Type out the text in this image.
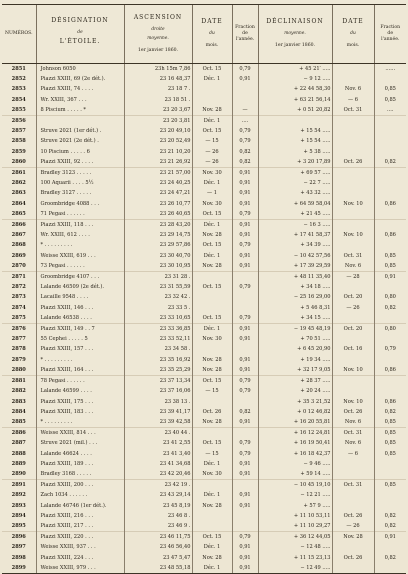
NUMÉROS.	DÉSIGNATION
de
L'ÉTOILE.	ASCENSION
droite
moyenne.
1er janvier 1860.	DATE
du
mois.	Fraction
de
l'année.	DÉCLINAISON
moyenne.
1er janvier 1860.	DATE
du
mois.	Fraction
de
l'année.
2851	Johnson 6050	23h 15m 7,86	Oct. 15	0,79	+ 45 21′ .....		......
2852	Piazzi XXIII, 69 (2e dét.).	23 16 48,37	Déc. 1	0,91	− 9 12 .....		
2853	Piazzi XXIII, 74 . . . .	23 18 7 .			+ 22 44 58,30	Nov. 6	0,85
2854	Wr. XXIII, 367 . . .	23 18 51 .			+ 63 21 56,14	— 6	0,85
2855	8 Piscium . . . . . *	23 20 3,67	Nov. 28	—	+ 0 51 20,82	Oct. 31	....
2856		23 20 3,81	Déc. 1	....			
2857	Struve 2021 (1er dét.) .	23 20 49,10	Oct. 15	0,79	+ 15 54 .....		
2858	Struve 2021 (2e dét.) .	23 20 52,49	— 15	0,79	+ 15 54 .....		
2859	10 Piscium . . . . . 6	23 21 10,20	— 26	0,82	+ 5 38 .....		
2860	Piazzi XXIII, 92 . . . .	23 21 26,92	— 26	0,82	+ 3 20 17,89	Oct. 26	0,82
2861	Bradley 3123 . . . . .	23 21 57,00	Nov. 30	0,91	+ 69 57 .....		
2862	100 Aquarii . . . . 5½	23 24 40,25	Déc. 1	0,91	− 22 7 .....		
2863	Bradley 3127 . . . . .	23 24 47,21	— 1	0,91	+ 43 32 .....		
2864	Groombridge 4088 . . .	23 26 10,77	Nov. 30	0,91	+ 64 59 58,04	Nov. 10	0,86
2865	71 Pegasi . . . . . .	23 26 40,65	Oct. 15	0,79	+ 21 45 .....		
2866	Piazzi XXIII, 118 . . .	23 28 43,20	Déc. 1	0,91	− 16 3 .....		
2867	Wr. XXIII, 612 . . . .	23 29 14,75	Nov. 28	0,91	+ 17 41 58,37	Nov. 10	0,86
2868	* . . . . . . . . .	23 29 57,86	Oct. 15	0,79	+ 34 39 .....		
2869	Weisse XXIII, 619 . . .	23 30 40,70	Déc. 1	0,91	− 10 42 57,56	Oct. 31	0,85
2870	73 Pegasi . . . . . .	23 30 10,95	Nov. 28	0,91	+ 17 39 29,59	Nov. 6	0,85
2871	Groombridge 4107 . . .	23 31 28 .			+ 48 11 35,40	— 28	0,91
2872	Lalande 46509 (2e dét.).	23 31 55,59	Oct. 15	0,79	+ 34 18 .....		
2873	Lacaille 9548 . . . .	23 32 42 .			− 25 16 29,00	Oct. 20	0,80
2874	Piazzi XXIII, 146 . . .	23 33 5 .			+ 5 46 8,31	— 26	0,82
2875	Lalande 46538 . . . .	23 33 10,65	Oct. 15	0,79	+ 34 15 .....		
2876	Piazzi XXIII, 149 . . 7	23 33 36,85	Déc. 1	0,91	− 19 45 48,19	Oct. 20	0,80
2877	55 Cephei . . . . . 5	23 33 52,11	Nov. 30	0,91	+ 70 51 .....		
2878	Piazzi XXIII, 157 . . .	23 34 58 .			+ 6 45 20,90	Oct. 16	0,79
2879	* . . . . . . . . .	23 35 16,92	Nov. 28	0,91	+ 19 34 .....		
2880	Piazzi XXIII, 164 . . .	23 35 25,29	Nov. 28	0,91	+ 32 17 9,05	Nov. 10	0,86
2881	78 Pegasi . . . . . .	23 37 13,34	Oct. 15	0,79	+ 28 37 .....		
2882	Lalande 46599 . . . .	23 37 16,06	— 15	0,79	+ 20 24 .....		
2883	Piazzi XXIII, 175 . . .	23 38 13 .			+ 35 3 21,52	Nov. 10	0,86
2884	Piazzi XXIII, 183 . . .	23 39 41,17	Oct. 26	0,82	+ 0 12 46,82	Oct. 26	0,82
2885	* . . . . . . . . .	23 39 42,58	Nov. 28	0,91	+ 16 20 55,81	Nov. 6	0,85
2886	Weisse XXIII, 814 . . .	23 40 44 .			+ 16 12 24,81	Oct. 31	0,85
2887	Struve 2021 (mil.) . . .	23 41 2,55	Oct. 15	0,79	+ 16 19 50,41	Nov. 6	0,85
2888	Lalande 46624 . . . .	23 41 3,40	— 15	0,79	+ 16 18 42,37	— 6	0,85
2889	Piazzi XXIII, 189 . . .	23 41 34,68	Déc. 1	0,91	− 9 46 .....		
2890	Bradley 3168 . . . . .	23 42 20,46	Nov. 30	0,91	+ 59 14 .....		
2891	Piazzi XXIII, 200 . . .	23 42 19 .			− 10 45 19,10	Oct. 31	0,85
2892	Zach 1034 . . . . . .	23 43 29,14	Déc. 1	0,91	− 12 21 .....		
2893	Lalande 46746 (1er dét.).	23 45 8,19	Nov. 28	0,91	+ 57 9 .....		
2894	Piazzi XXIII, 216 . . .	23 46 8 .			+ 11 10 53,11	Oct. 26	0,82
2895	Piazzi XXIII, 217 . . .	23 46 9 .			+ 11 10 29,27	— 26	0,82
2896	Piazzi XXIII, 220 . . .	23 46 11,75	Oct. 15	0,79	+ 36 12 44,05	Nov. 28	0,91
2897	Weisse XXIII, 937 . . .	23 46 56,40	Déc. 1	0,91	− 12 48 .....		
2898	Piazzi XXIII, 224 . . .	23 47 5,47	Nov. 28	0,91	+ 11 15 23,13	Oct. 26	0,82
2899	Weisse XXIII, 979 . . .	23 48 55,18	Déc. 1	0,91	− 12 49 .....		
